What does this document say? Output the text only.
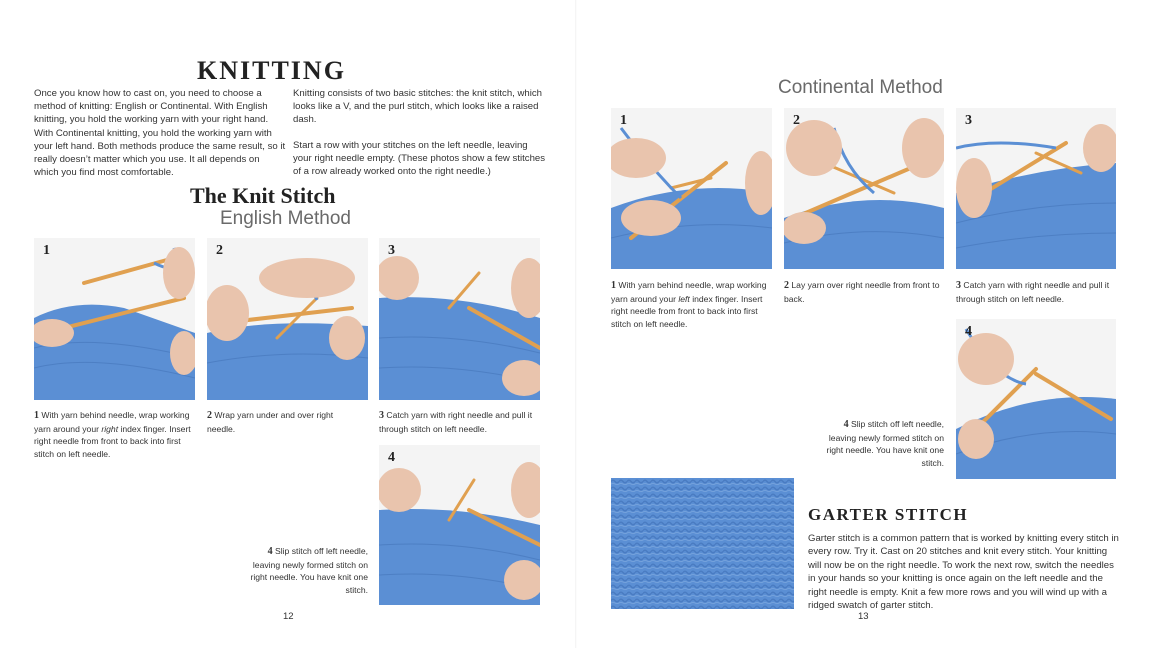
KNITTING
Once you know how to cast on, you need to choose a method of knitting: English or Continental. With English knitting, you hold the working yarn with your right hand. With Continental knitting, you hold the working yarn with your left hand. Both methods produce the same result, so it really doesn’t matter which you use. It all depends on which you find most comfortable.
Knitting consists of two basic stitches: the knit stitch, which looks like a V, and the purl stitch, which looks like a raised dash.
Start a row with your stitches on the left needle, leaving your right needle empty. (These photos show a few stitches of a row already worked onto the right needle.)
The Knit Stitch
English Method
1	2	3
4
1 With yarn behind needle, wrap working yarn around your right index finger. Insert right needle from front to back into first stitch on left needle.
2 Wrap yarn under and over right needle.
3 Catch yarn with right needle and pull it through stitch on left needle.
4 Slip stitch off left needle, leaving newly formed stitch on right needle. You have knit one stitch.
12
Continental Method
1	2	3
1 With yarn behind needle, wrap working yarn around your left index finger. Insert right needle from front to back into first stitch on left needle.
2 Lay yarn over right needle from front to back.
3 Catch yarn with right needle and pull it through stitch on left needle.
4
4 Slip stitch off left needle, leaving newly formed stitch on right needle. You have knit one stitch.
GARTER STITCH
Garter stitch is a common pattern that is worked by knitting every stitch in every row. Try it. Cast on 20 stitches and knit every stitch. Your knitting will now be on the right needle. To work the next row, switch the needles in your hands so your knitting is once again on the left needle and the right needle is empty. Knit a few more rows and you will wind up with a ridged swatch of garter stitch.
13
